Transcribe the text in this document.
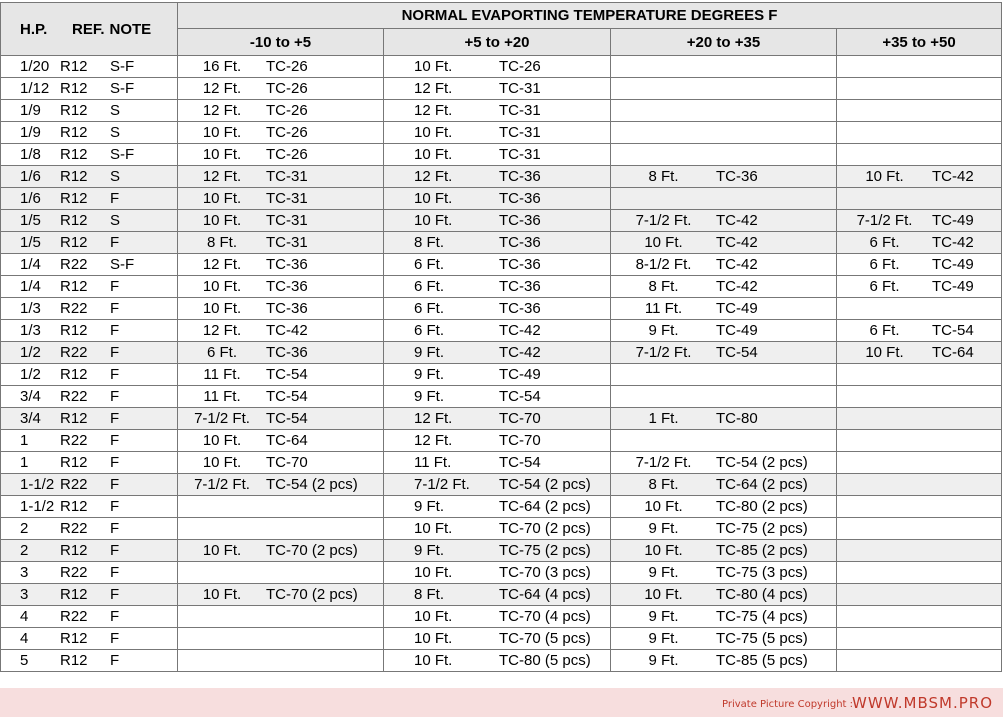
H.P. REF. NOTE	NORMAL EVAPORTING TEMPERATURE DEGREES F			
	-10 to +5	+5 to +20	+20 to +35	+35 to +50

1/20 R12 S-F	16 Ft. TC-26	10 Ft. TC-26		

1/12 R12 S-F	12 Ft. TC-26	12 Ft. TC-31		

1/9 R12 S	12 Ft. TC-26	12 Ft. TC-31		

1/9 R12 S	10 Ft. TC-26	10 Ft. TC-31		

1/8 R12 S-F	10 Ft. TC-26	10 Ft. TC-31		

1/6 R12 S	12 Ft. TC-31	12 Ft. TC-36	8 Ft. TC-36	10 Ft. TC-42

1/6 R12 F	10 Ft. TC-31	10 Ft. TC-36		

1/5 R12 S	10 Ft. TC-31	10 Ft. TC-36	7-1/2 Ft. TC-42	7-1/2 Ft. TC-49

1/5 R12 F	8 Ft. TC-31	8 Ft. TC-36	10 Ft. TC-42	6 Ft. TC-42

1/4 R22 S-F	12 Ft. TC-36	6 Ft. TC-36	8-1/2 Ft. TC-42	6 Ft. TC-49

1/4 R12 F	10 Ft. TC-36	6 Ft. TC-36	8 Ft. TC-42	6 Ft. TC-49

1/3 R22 F	10 Ft. TC-36	6 Ft. TC-36	11 Ft. TC-49	

1/3 R12 F	12 Ft. TC-42	6 Ft. TC-42	9 Ft. TC-49	6 Ft. TC-54

1/2 R22 F	6 Ft. TC-36	9 Ft. TC-42	7-1/2 Ft. TC-54	10 Ft. TC-64

1/2 R12 F	11 Ft. TC-54	9 Ft. TC-49		

3/4 R22 F	11 Ft. TC-54	9 Ft. TC-54		

3/4 R12 F	7-1/2 Ft. TC-54	12 Ft. TC-70	1 Ft. TC-80	

1 R22 F	10 Ft. TC-64	12 Ft. TC-70		

1 R12 F	10 Ft. TC-70	11 Ft. TC-54	7-1/2 Ft. TC-54 (2 pcs)	

1-1/2 R22 F	7-1/2 Ft. TC-54 (2 pcs)	7-1/2 Ft. TC-54 (2 pcs)	8 Ft. TC-64 (2 pcs)	

1-1/2 R12 F		9 Ft. TC-64 (2 pcs)	10 Ft. TC-80 (2 pcs)	

2 R22 F		10 Ft. TC-70 (2 pcs)	9 Ft. TC-75 (2 pcs)	

2 R12 F	10 Ft. TC-70 (2 pcs)	9 Ft. TC-75 (2 pcs)	10 Ft. TC-85 (2 pcs)	

3 R22 F		10 Ft. TC-70 (3 pcs)	9 Ft. TC-75 (3 pcs)	

3 R12 F	10 Ft. TC-70 (2 pcs)	8 Ft. TC-64 (4 pcs)	10 Ft. TC-80 (4 pcs)	

4 R22 F		10 Ft. TC-70 (4 pcs)	9 Ft. TC-75 (4 pcs)	

4 R12 F		10 Ft. TC-70 (5 pcs)	9 Ft. TC-75 (5 pcs)	

5 R12 F		10 Ft. TC-80 (5 pcs)	9 Ft. TC-85 (5 pcs)	

Private Picture Copyright :
WWW.MBSM.PRO
